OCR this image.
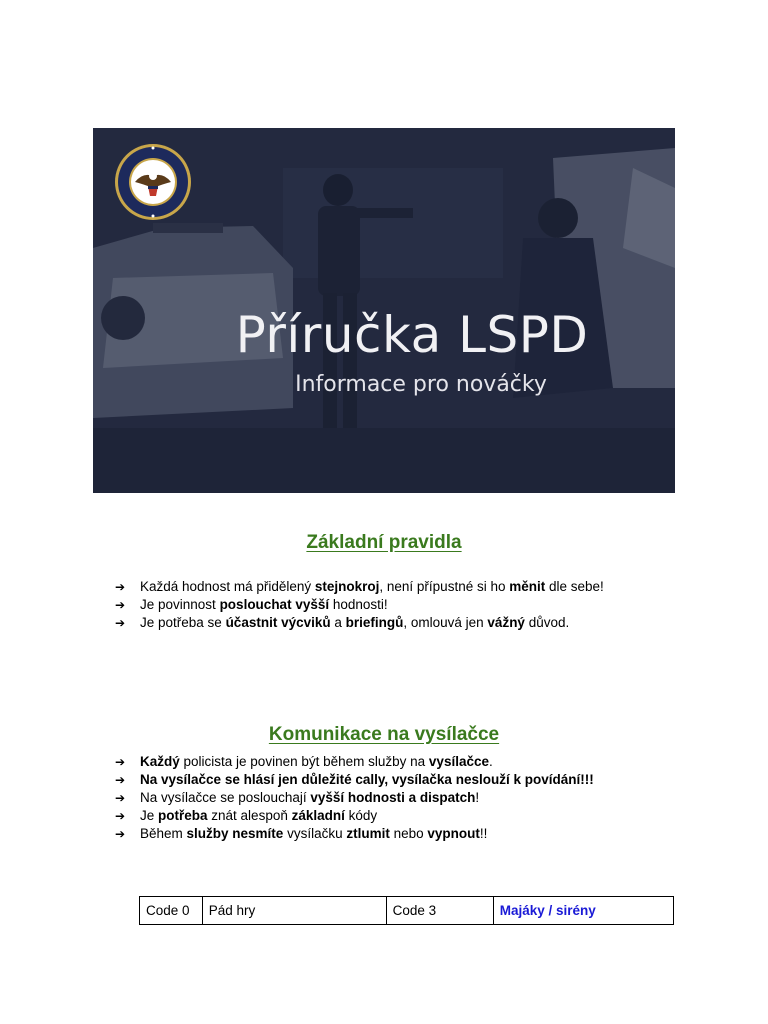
Příručka LSPD
Informace pro nováčky
Základní pravidla
➔ Každá hodnost má přidělený stejnokroj, není přípustné si ho měnit dle sebe!
➔ Je povinnost poslouchat vyšší hodnosti!
➔ Je potřeba se účastnit výcviků a briefingů, omlouvá jen vážný důvod.
Komunikace na vysílačce
➔ Každý policista je povinen být během služby na vysílačce.
➔ Na vysílačce se hlásí jen důležité cally, vysílačka neslouží k povídání!!!
➔ Na vysílačce se poslouchají vyšší hodnosti a dispatch!
➔ Je potřeba znát alespoň základní kódy
➔ Během služby nesmíte vysílačku ztlumit nebo vypnout!!
Code 0	Pád hry	Code 3	Majáky / sirény
